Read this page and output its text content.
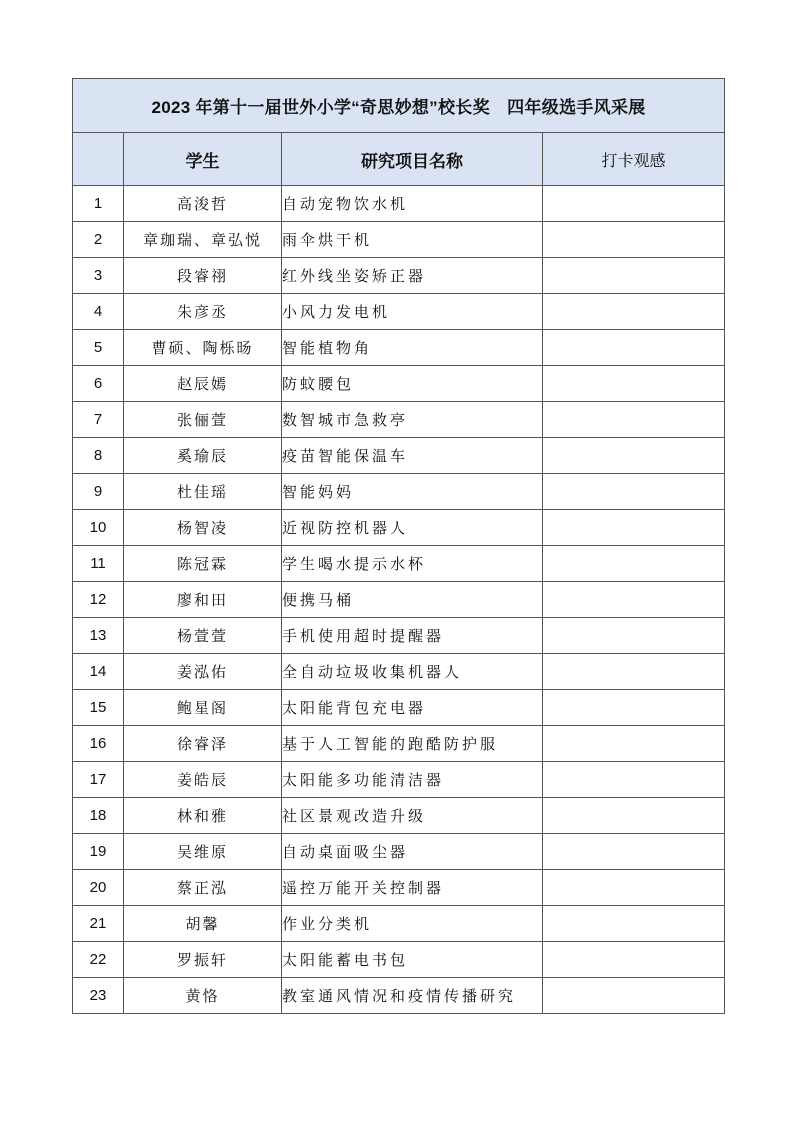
2023 年第十一届世外小学“奇思妙想”校长奖　四年级选手风采展			
	学生	研究项目名称	打卡观感
1	高浚哲	自动宠物饮水机	
2	章珈瑞、章弘悦	雨伞烘干机	
3	段睿祤	红外线坐姿矫正器	
4	朱彦丞	小风力发电机	
5	曹硕、陶栎旸	智能植物角	
6	赵辰嫣	防蚊腰包	
7	张俪萱	数智城市急救亭	
8	奚瑜辰	疫苗智能保温车	
9	杜佳瑶	智能妈妈	
10	杨智凌	近视防控机器人	
11	陈冠霖	学生喝水提示水杯	
12	廖和田	便携马桶	
13	杨萱萱	手机使用超时提醒器	
14	姜泓佑	全自动垃圾收集机器人	
15	鲍星阁	太阳能背包充电器	
16	徐睿泽	基于人工智能的跑酷防护服	
17	姜皓辰	太阳能多功能清洁器	
18	林和雅	社区景观改造升级	
19	吴维原	自动桌面吸尘器	
20	蔡正泓	遥控万能开关控制器	
21	胡馨	作业分类机	
22	罗振轩	太阳能蓄电书包	
23	黄恪	教室通风情况和疫情传播研究	
